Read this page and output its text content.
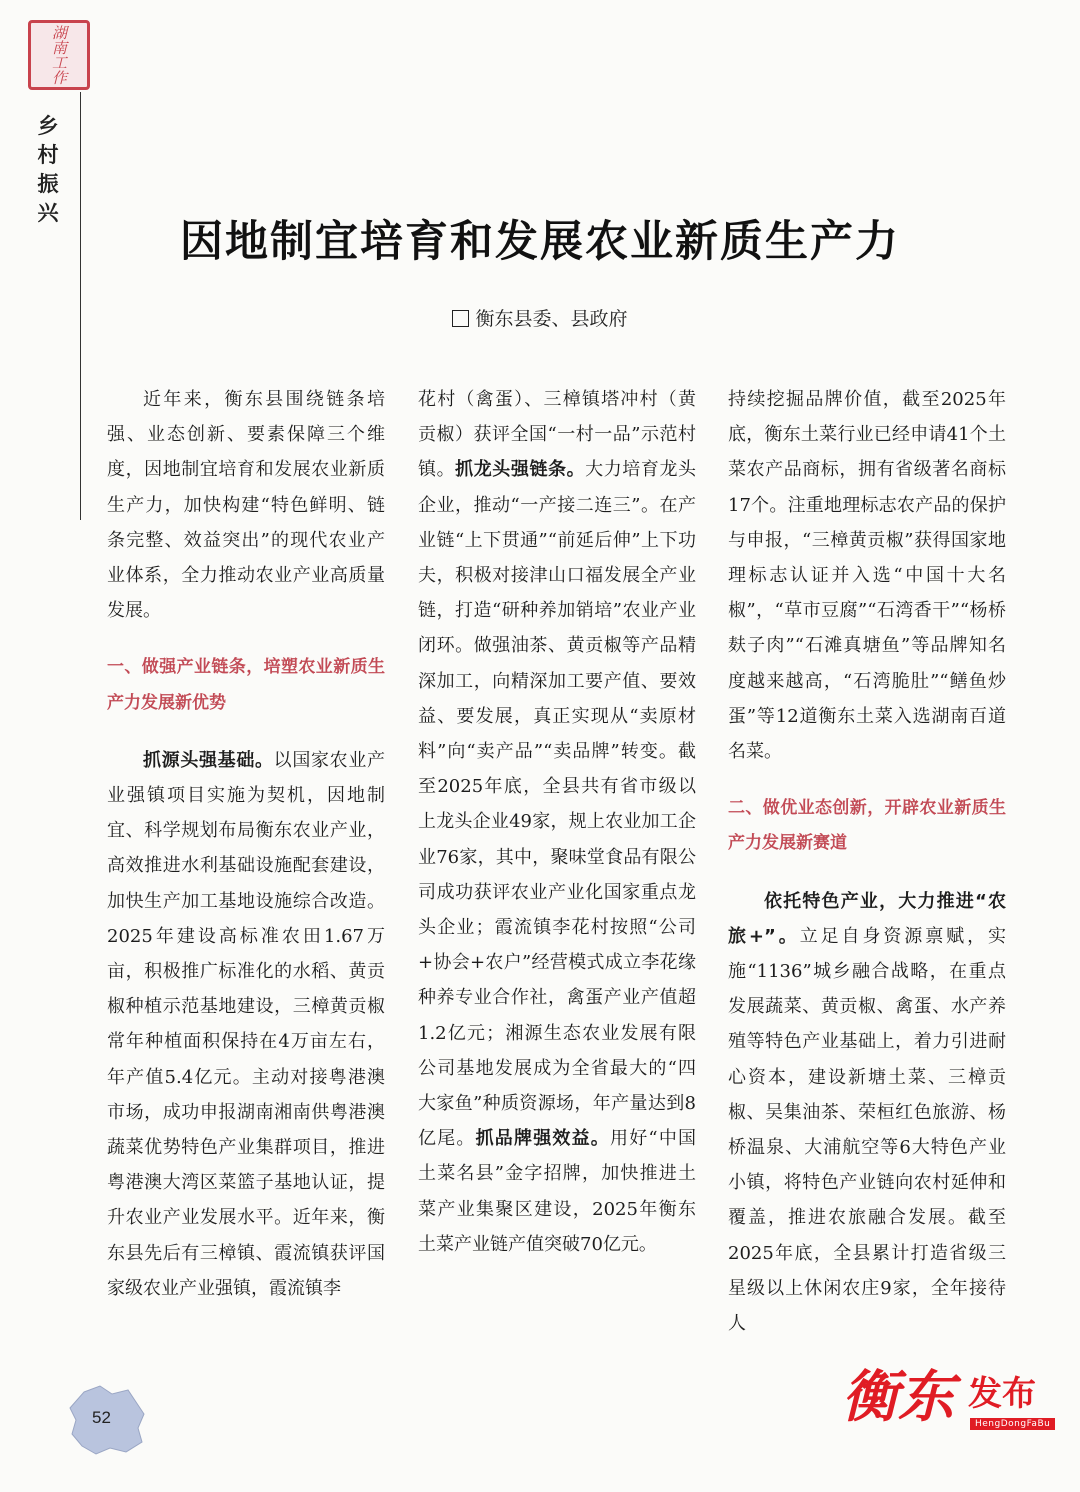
湖南工作
乡村振兴
因地制宜培育和发展农业新质生产力
衡东县委、县政府

近年来，衡东县围绕链条培强、业态创新、要素保障三个维度，因地制宜培育和发展农业新质生产力，加快构建“特色鲜明、链条完整、效益突出”的现代农业产业体系，全力推动农业产业高质量发展。

一、做强产业链条，培塑农业新质生产力发展新优势

抓源头强基础。以国家农业产业强镇项目实施为契机，因地制宜、科学规划布局衡东农业产业，高效推进水利基础设施配套建设，加快生产加工基地设施综合改造。2025年建设高标准农田1.67万亩，积极推广标准化的水稻、黄贡椒种植示范基地建设，三樟黄贡椒常年种植面积保持在4万亩左右，年产值5.4亿元。主动对接粤港澳市场，成功申报湖南湘南供粤港澳蔬菜优势特色产业集群项目，推进粤港澳大湾区菜篮子基地认证，提升农业产业发展水平。近年来，衡东县先后有三樟镇、霞流镇获评国家级农业产业强镇，霞流镇李

花村（禽蛋）、三樟镇塔冲村（黄贡椒）获评全国“一村一品”示范村镇。抓龙头强链条。大力培育龙头企业，推动“一产接二连三”。在产业链“上下贯通”“前延后伸”上下功夫，积极对接津山口福发展全产业链，打造“研种养加销培”农业产业闭环。做强油茶、黄贡椒等产品精深加工，向精深加工要产值、要效益、要发展，真正实现从“卖原材料”向“卖产品”“卖品牌”转变。截至2025年底，全县共有省市级以上龙头企业49家，规上农业加工企业76家，其中，聚味堂食品有限公司成功获评农业产业化国家重点龙头企业；霞流镇李花村按照“公司+协会+农户”经营模式成立李花缘种养专业合作社，禽蛋产业产值超1.2亿元；湘源生态农业发展有限公司基地发展成为全省最大的“四大家鱼”种质资源场，年产量达到8亿尾。抓品牌强效益。用好“中国土菜名县”金字招牌，加快推进土菜产业集聚区建设，2025年衡东土菜产业链产值突破70亿元。

持续挖掘品牌价值，截至2025年底，衡东土菜行业已经申请41个土菜农产品商标，拥有省级著名商标17个。注重地理标志农产品的保护与申报，“三樟黄贡椒”获得国家地理标志认证并入选“中国十大名椒”，“草市豆腐”“石湾香干”“杨桥麸子肉”“石滩真塘鱼”等品牌知名度越来越高，“石湾脆肚”“鳝鱼炒蛋”等12道衡东土菜入选湖南百道名菜。

二、做优业态创新，开辟农业新质生产力发展新赛道

依托特色产业，大力推进“农旅+”。立足自身资源禀赋，实施“1136”城乡融合战略，在重点发展蔬菜、黄贡椒、禽蛋、水产养殖等特色产业基础上，着力引进耐心资本，建设新塘土菜、三樟贡椒、吴集油茶、荣桓红色旅游、杨桥温泉、大浦航空等6大特色产业小镇，将特色产业链向农村延伸和覆盖，推进农旅融合发展。截至2025年底，全县累计打造省级三星级以上休闲农庄9家，全年接待人

52	衡东 发布
HengDongFaBu
